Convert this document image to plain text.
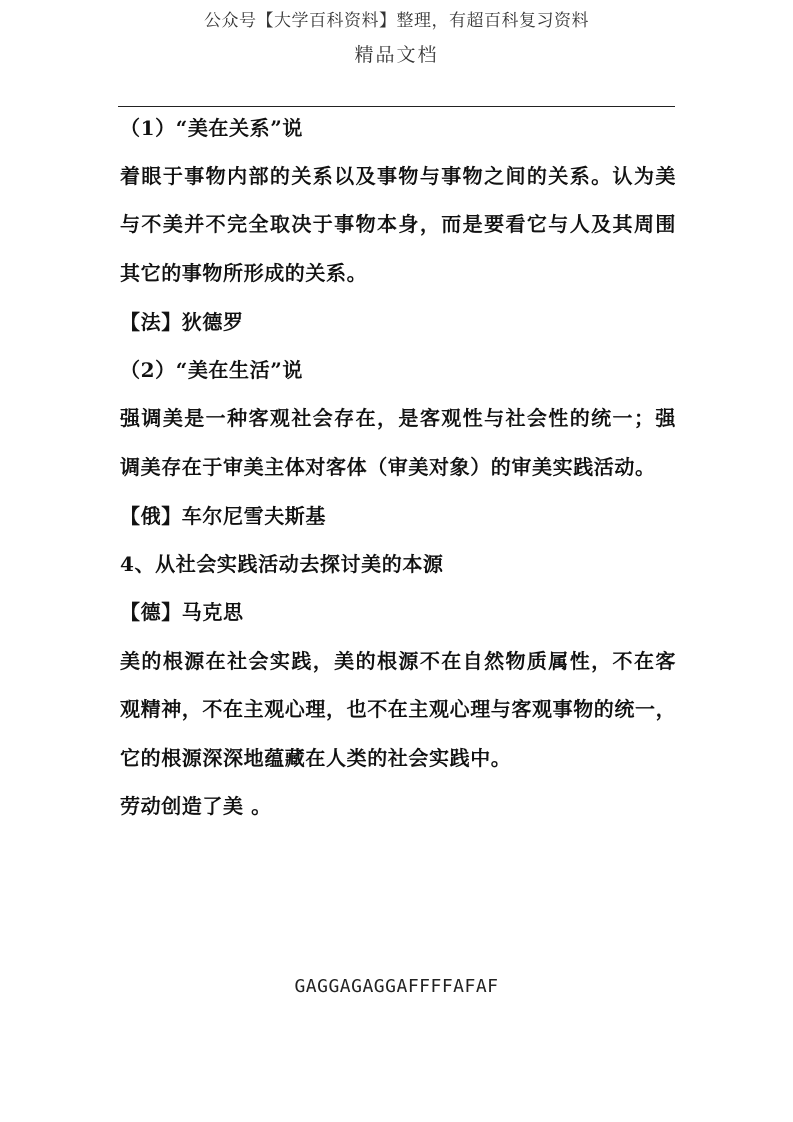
公众号【大学百科资料】整理，有超百科复习资料
精品文档
（1）“美在关系”说
着眼于事物内部的关系以及事物与事物之间的关系。认为美
与不美并不完全取决于事物本身，而是要看它与人及其周围
其它的事物所形成的关系。
【法】狄德罗
（2）“美在生活”说
强调美是一种客观社会存在，是客观性与社会性的统一；强
调美存在于审美主体对客体（审美对象）的审美实践活动。
【俄】车尔尼雪夫斯基
4、从社会实践活动去探讨美的本源
【德】马克思
美的根源在社会实践，美的根源不在自然物质属性，不在客
观精神，不在主观心理，也不在主观心理与客观事物的统一，
它的根源深深地蕴藏在人类的社会实践中。
劳动创造了美 。
GAGGAGAGGAFFFFAFAF
